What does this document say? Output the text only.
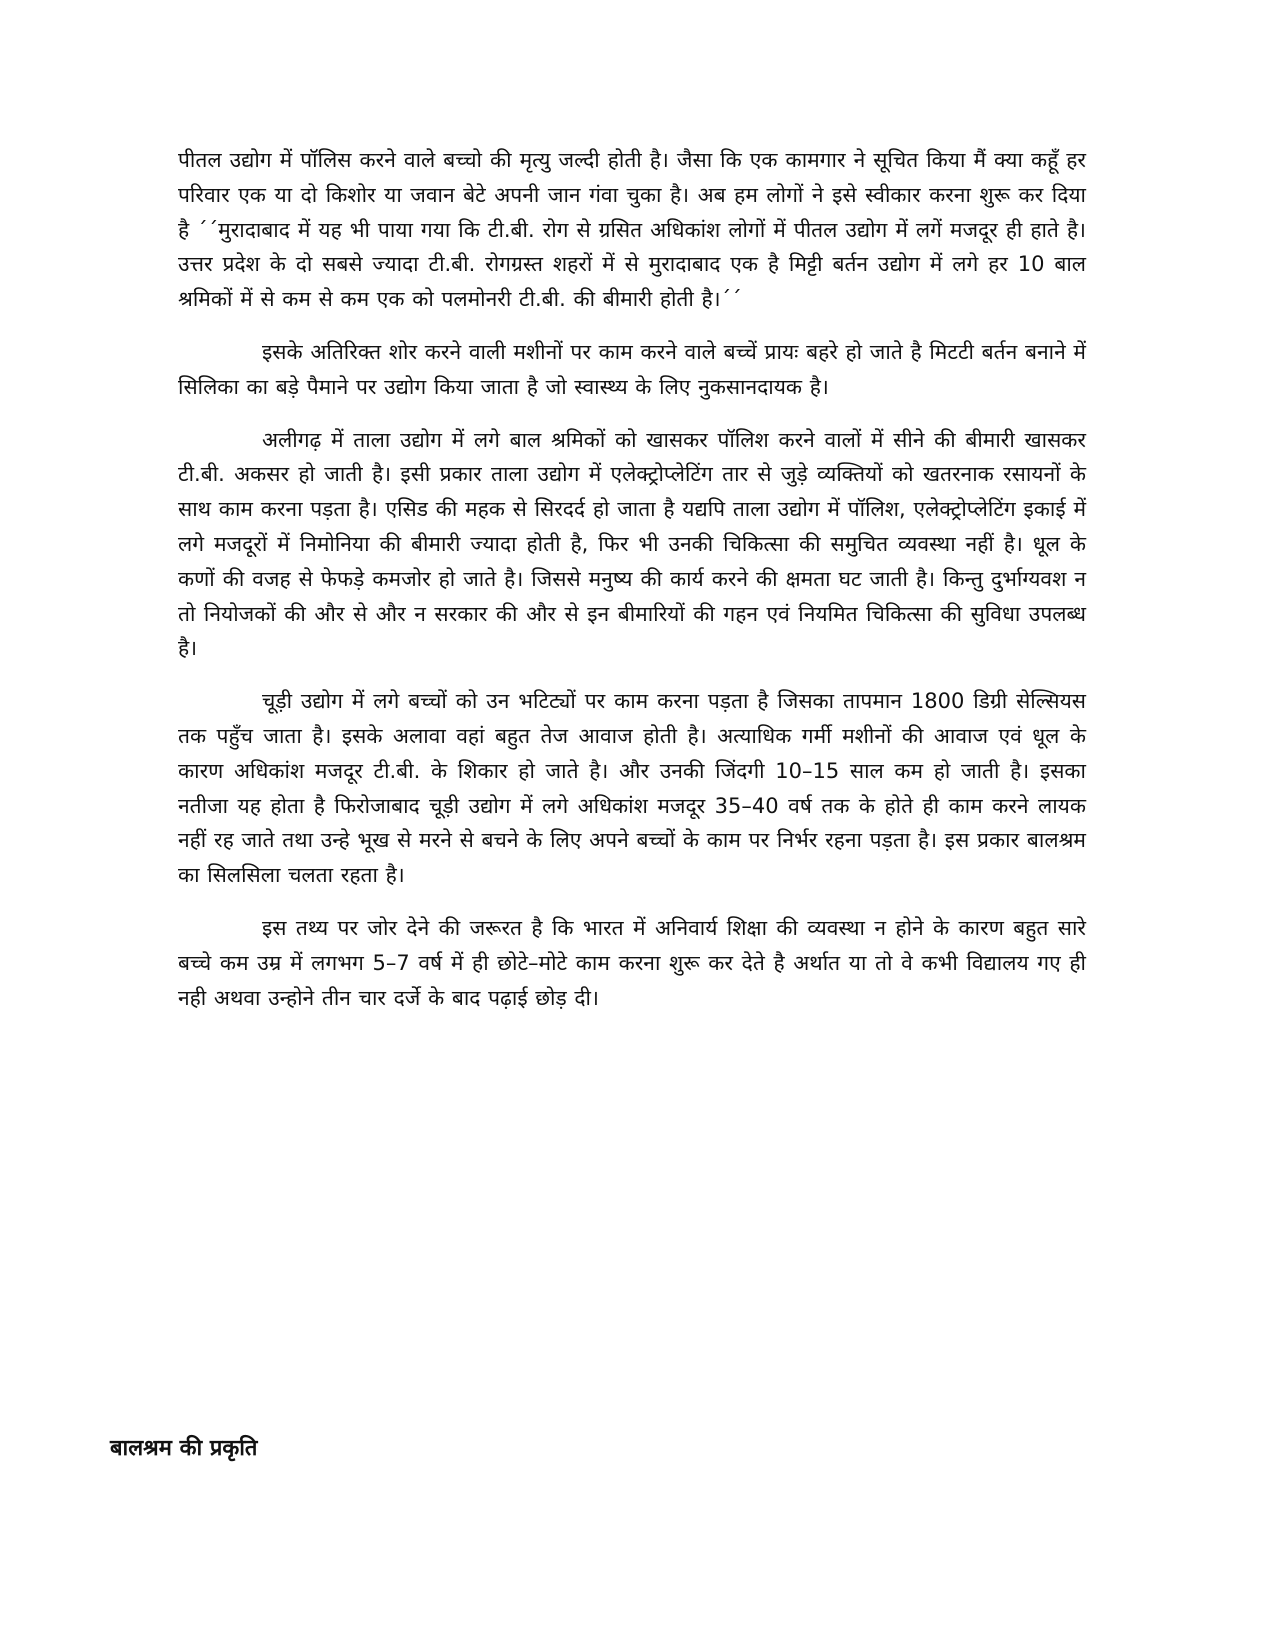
पीतल उद्योग में पॉलिस करने वाले बच्चो की मृत्यु जल्दी होती है। जैसा कि एक कामगार ने सूचित किया मैं क्या कहूँ हर परिवार एक या दो किशोर या जवान बेटे अपनी जान गंवा चुका है। अब हम लोगों ने इसे स्वीकार करना शुरू कर दिया है ´´मुरादाबाद में यह भी पाया गया कि टी.बी. रोग से ग्रसित अधिकांश लोगों में पीतल उद्योग में लगें मजदूर ही हाते है। उत्तर प्रदेश के दो सबसे ज्यादा टी.बी. रोगग्रस्त शहरों में से मुरादाबाद एक है मिट्टी बर्तन उद्योग में लगे हर 10 बाल श्रमिकों में से कम से कम एक को पलमोनरी टी.बी. की बीमारी होती है।´´

इसके अतिरिक्त शोर करने वाली मशीनों पर काम करने वाले बच्चें प्रायः बहरे हो जाते है मिटटी बर्तन बनाने में सिलिका का बड़े पैमाने पर उद्योग किया जाता है जो स्वास्थ्य के लिए नुकसानदायक है।

अलीगढ़ में ताला उद्योग में लगे बाल श्रमिकों को खासकर पॉलिश करने वालों में सीने की बीमारी खासकर टी.बी. अकसर हो जाती है। इसी प्रकार ताला उद्योग में एलेक्ट्रोप्लेटिंग तार से जुड़े व्यक्तियों को खतरनाक रसायनों के साथ काम करना पड़ता है। एसिड की महक से सिरदर्द हो जाता है यद्यपि ताला उद्योग में पॉलिश, एलेक्ट्रोप्लेटिंग इकाई में लगे मजदूरों में निमोनिया की बीमारी ज्यादा होती है, फिर भी उनकी चिकित्सा की समुचित व्यवस्था नहीं है। धूल के कणों की वजह से फेफड़े कमजोर हो जाते है। जिससे मनुष्य की कार्य करने की क्षमता घट जाती है। किन्तु दुर्भाग्यवश न तो नियोजकों की और से और न सरकार की और से इन बीमारियों की गहन एवं नियमित चिकित्सा की सुविधा उपलब्ध है।

चूड़ी उद्योग में लगे बच्चों को उन भटिट्यों पर काम करना पड़ता है जिसका तापमान 1800 डिग्री सेल्सियस तक पहुँच जाता है। इसके अलावा वहां बहुत तेज आवाज होती है। अत्याधिक गर्मी मशीनों की आवाज एवं धूल के कारण अधिकांश मजदूर टी.बी. के शिकार हो जाते है। और उनकी जिंदगी 10–15 साल कम हो जाती है। इसका नतीजा यह होता है फिरोजाबाद चूड़ी उद्योग में लगे अधिकांश मजदूर 35–40 वर्ष तक के होते ही काम करने लायक नहीं रह जाते तथा उन्हे भूख से मरने से बचने के लिए अपने बच्चों के काम पर निर्भर रहना पड़ता है। इस प्रकार बालश्रम का सिलसिला चलता रहता है।

इस तथ्य पर जोर देने की जरूरत है कि भारत में अनिवार्य शिक्षा की व्यवस्था न होने के कारण बहुत सारे बच्चे कम उम्र में लगभग 5–7 वर्ष में ही छोटे–मोटे काम करना शुरू कर देते है अर्थात या तो वे कभी विद्यालय गए ही नही अथवा उन्होने तीन चार दर्जे के बाद पढ़ाई छोड़ दी।

बालश्रम की प्रकृति
